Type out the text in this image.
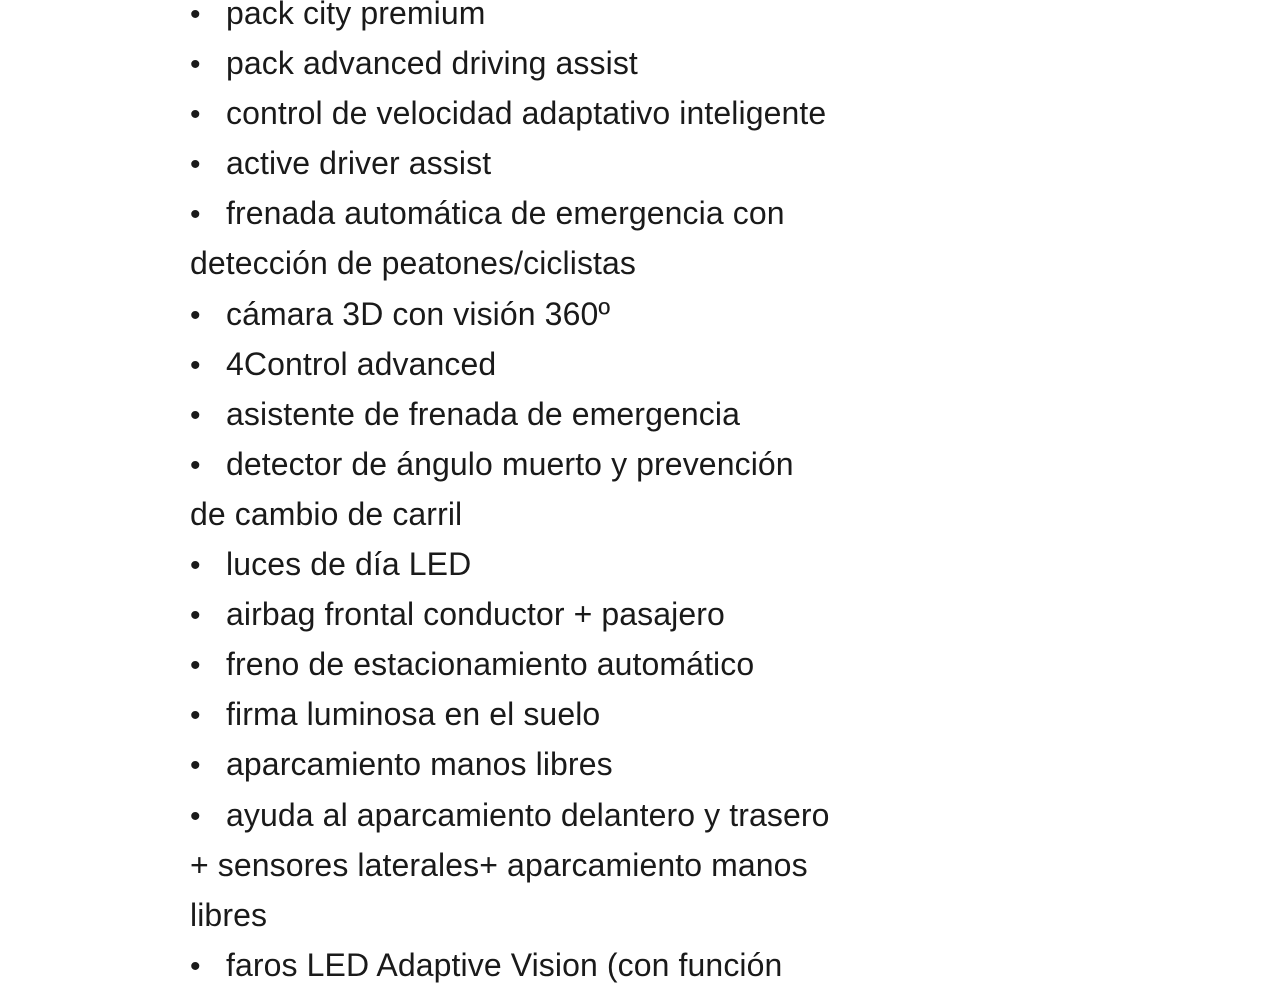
• pack city premium
• pack advanced driving assist
• control de velocidad adaptativo inteligente
• active driver assist
• frenada automática de emergencia con
detección de peatones/ciclistas
• cámara 3D con visión 360º
• 4Control advanced
• asistente de frenada de emergencia
• detector de ángulo muerto y prevención
de cambio de carril
• luces de día LED
• airbag frontal conductor + pasajero
• freno de estacionamiento automático
• firma luminosa en el suelo
• aparcamiento manos libres
• ayuda al aparcamiento delantero y trasero
+ sensores laterales+ aparcamiento manos
libres
• faros LED Adaptive Vision (con función
